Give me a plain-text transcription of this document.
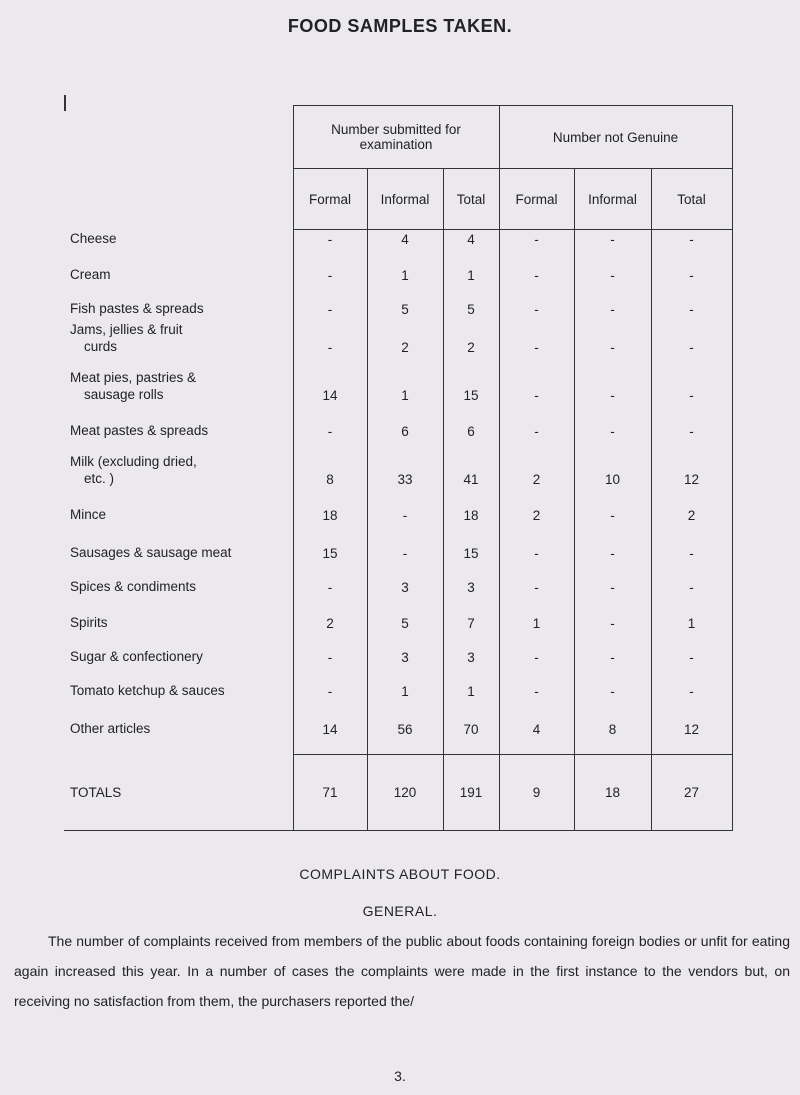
FOOD SAMPLES TAKEN.
	Number submitted for examination			Number not Genuine		
	Formal	Informal	Total	Formal	Informal	Total
Cheese	-	4	4	-	-	-
Cream	-	1	1	-	-	-
Fish pastes & spreads	-	5	5	-	-	-

Jams, jellies & fruit
curds	-	2	2	-	-	-

Meat pies, pastries &
sausage rolls	14	1	15	-	-	-
Meat pastes & spreads	-	6	6	-	-	-

Milk (excluding dried,
etc. )	8	33	41	2	10	12
Mince	18	-	18	2	-	2
Sausages & sausage meat	15	-	15	-	-	-
Spices & condiments	-	3	3	-	-	-
Spirits	2	5	7	1	-	1
Sugar & confectionery	-	3	3	-	-	-
Tomato ketchup & sauces	-	1	1	-	-	-
Other articles	14	56	70	4	8	12

TOTALS	71	120	191	9	18	27
COMPLAINTS ABOUT FOOD.
GENERAL.
The number of complaints received from members of the public about foods containing foreign bodies or unfit for eating again increased this year. In a number of cases the complaints were made in the first instance to the vendors but, on receiving no satisfaction from them, the purchasers reported the/
3.
